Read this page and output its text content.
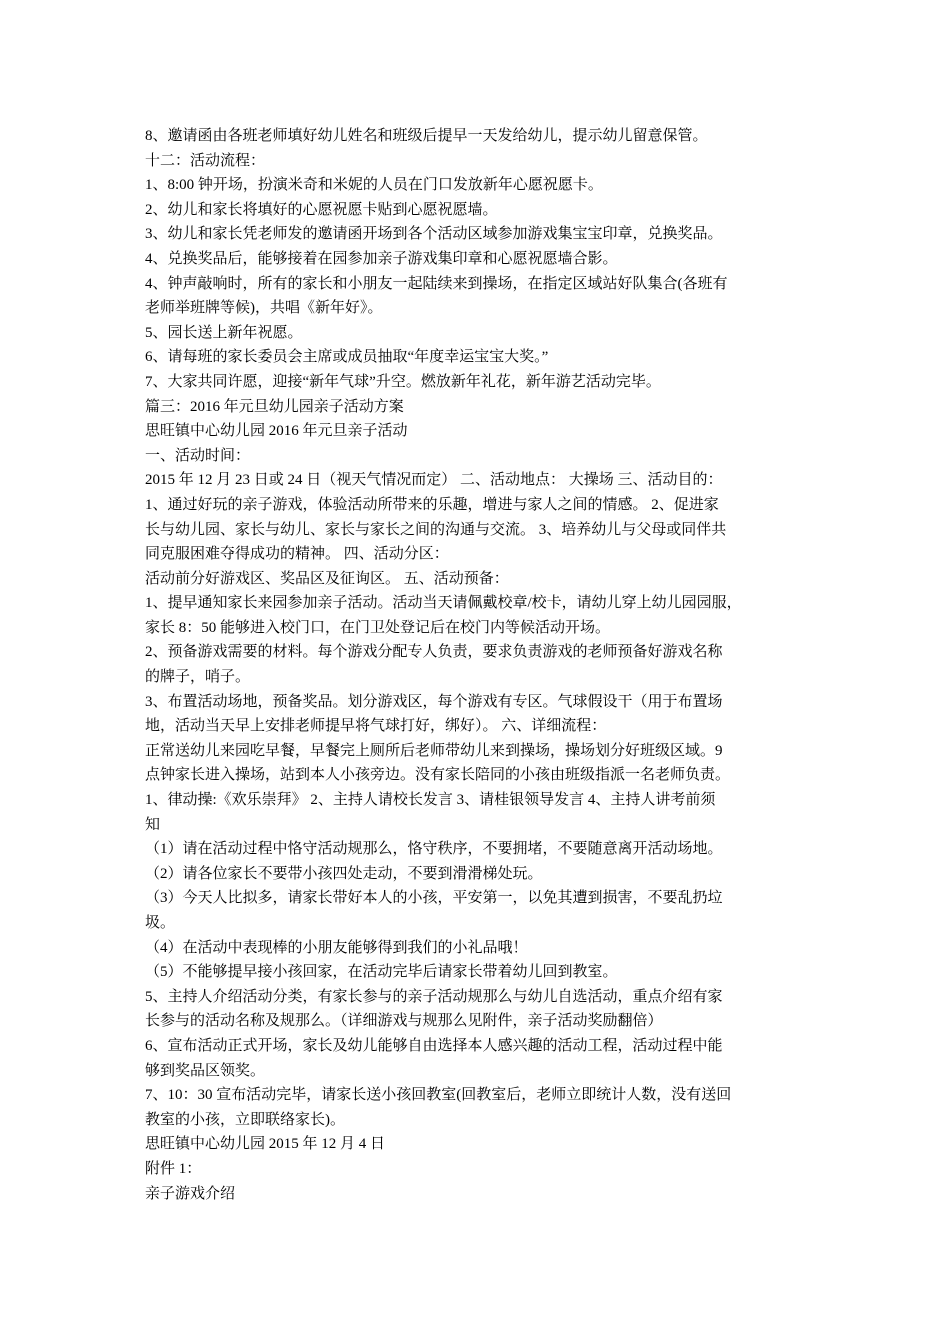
8、邀请函由各班老师填好幼儿姓名和班级后提早一天发给幼儿，提示幼儿留意保管。
十二：活动流程：
1、8:00 钟开场，扮演米奇和米妮的人员在门口发放新年心愿祝愿卡。
2、幼儿和家长将填好的心愿祝愿卡贴到心愿祝愿墙。
3、幼儿和家长凭老师发的邀请函开场到各个活动区域参加游戏集宝宝印章，兑换奖品。
4、兑换奖品后，能够接着在园参加亲子游戏集印章和心愿祝愿墙合影。
4、钟声敲响时，所有的家长和小朋友一起陆续来到操场，在指定区域站好队集合(各班有
老师举班牌等候)，共唱《新年好》。
5、园长送上新年祝愿。
6、请每班的家长委员会主席或成员抽取“年度幸运宝宝大奖。”
7、大家共同许愿，迎接“新年气球”升空。燃放新年礼花，新年游艺活动完毕。
篇三：2016 年元旦幼儿园亲子活动方案
思旺镇中心幼儿园 2016 年元旦亲子活动
一、活动时间：
2015 年 12 月 23 日或 24 日（视天气情况而定） 二、活动地点： 大操场 三、活动目的：
1、通过好玩的亲子游戏，体验活动所带来的乐趣，增进与家人之间的情感。 2、促进家
长与幼儿园、家长与幼儿、家长与家长之间的沟通与交流。 3、培养幼儿与父母或同伴共
同克服困难夺得成功的精神。 四、活动分区：
活动前分好游戏区、奖品区及征询区。 五、活动预备：
1、提早通知家长来园参加亲子活动。活动当天请佩戴校章/校卡，请幼儿穿上幼儿园园服，
家长 8：50 能够进入校门口，在门卫处登记后在校门内等候活动开场。
2、预备游戏需要的材料。每个游戏分配专人负责，要求负责游戏的老师预备好游戏名称
的牌子，哨子。
3、布置活动场地，预备奖品。划分游戏区，每个游戏有专区。气球假设干（用于布置场
地，活动当天早上安排老师提早将气球打好，绑好）。 六、详细流程：
正常送幼儿来园吃早餐，早餐完上厕所后老师带幼儿来到操场，操场划分好班级区域。9
点钟家长进入操场，站到本人小孩旁边。没有家长陪同的小孩由班级指派一名老师负责。
1、律动操:《欢乐崇拜》 2、主持人请校长发言 3、请桂银领导发言 4、主持人讲考前须
知
（1）请在活动过程中恪守活动规那么，恪守秩序，不要拥堵，不要随意离开活动场地。
（2）请各位家长不要带小孩四处走动，不要到滑滑梯处玩。
（3）今天人比拟多，请家长带好本人的小孩，平安第一，以免其遭到损害，不要乱扔垃
圾。
（4）在活动中表现棒的小朋友能够得到我们的小礼品哦！
（5）不能够提早接小孩回家，在活动完毕后请家长带着幼儿回到教室。
5、主持人介绍活动分类，有家长参与的亲子活动规那么与幼儿自选活动，重点介绍有家
长参与的活动名称及规那么。（详细游戏与规那么见附件，亲子活动奖励翻倍）
6、宣布活动正式开场，家长及幼儿能够自由选择本人感兴趣的活动工程，活动过程中能
够到奖品区领奖。
7、10：30 宣布活动完毕，请家长送小孩回教室(回教室后，老师立即统计人数，没有送回
教室的小孩，立即联络家长)。
思旺镇中心幼儿园 2015 年 12 月 4 日
附件 1：
亲子游戏介绍
